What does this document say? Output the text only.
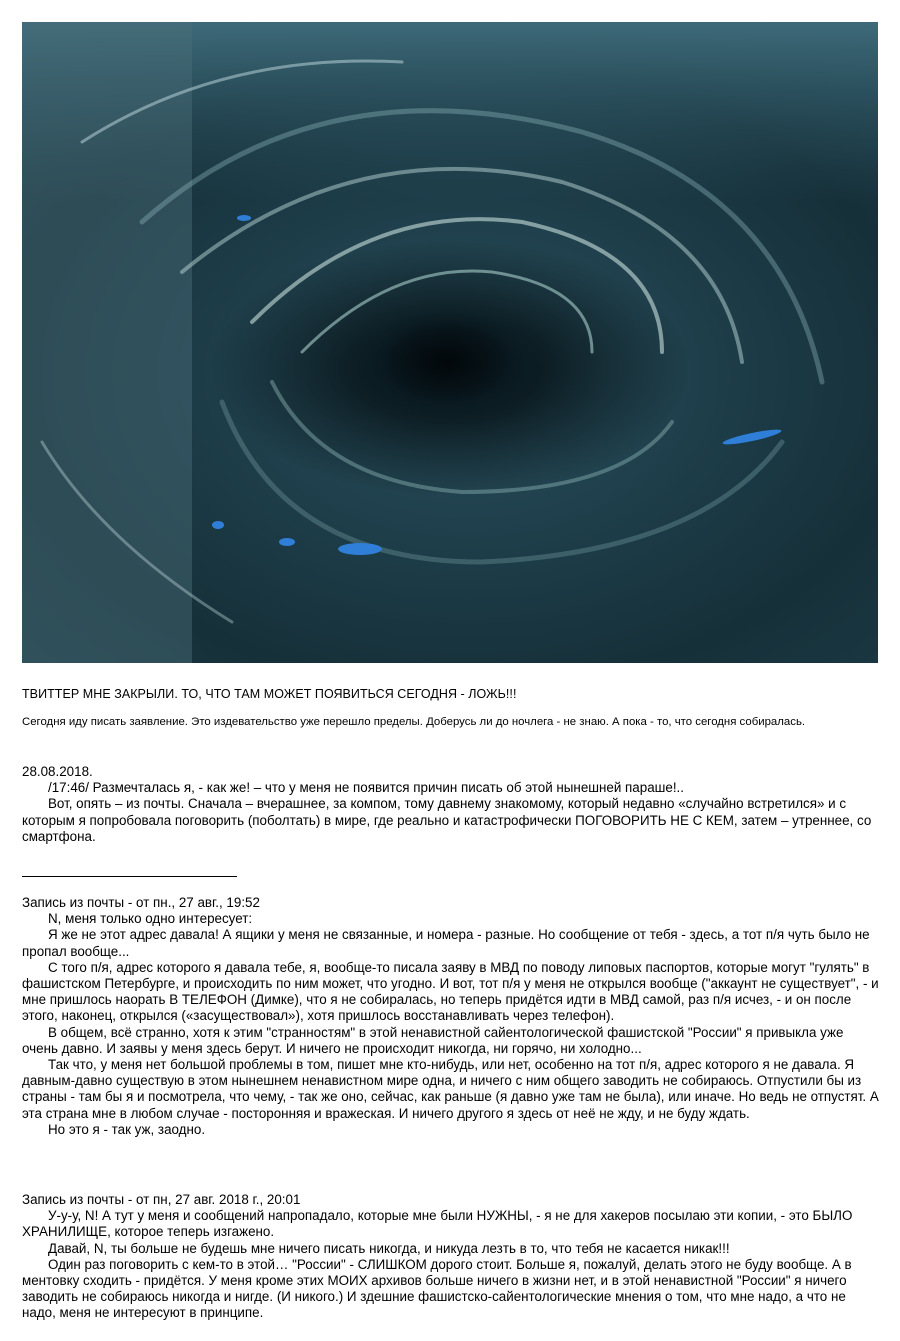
ТВИТТЕР МНЕ ЗАКРЫЛИ. ТО, ЧТО ТАМ МОЖЕТ ПОЯВИТЬСЯ СЕГОДНЯ - ЛОЖЬ!!!
Сегодня иду писать заявление. Это издевательство уже перешло пределы. Доберусь ли до ночлега - не знаю. А пока - то, что сегодня собиралась.

28.08.2018.

/17:46/ Размечталась я, - как же! – что у меня не появится причин писать об этой нынешней параше!..

Вот, опять – из почты. Сначала – вчерашнее, за компом, тому давнему знакомому, который недавно «случайно встретился» и с которым я попробовала поговорить (поболтать) в мире, где реально и катастрофически ПОГОВОРИТЬ НЕ С КЕМ, затем – утреннее, со смартфона.

Запись из почты - от пн., 27 авг., 19:52

N, меня только одно интересует:

Я же не этот адрес давала! А ящики у меня не связанные, и номера - разные. Но сообщение от тебя - здесь, а тот п/я чуть было не пропал вообще...

С того п/я, адрес которого я давала тебе, я, вообще-то писала заяву в МВД по поводу липовых паспортов, которые могут "гулять" в фашистском Петербурге, и происходить по ним может, что угодно. И вот, тот п/я у меня не открылся вообще ("аккаунт не существует", - и мне пришлось наорать В ТЕЛЕФОН (Димке), что я не собиралась, но теперь придётся идти в МВД самой, раз п/я исчез, - и он после этого, наконец, открылся («засуществовал»), хотя пришлось восстанавливать через телефон).

В общем, всё странно, хотя к этим "странностям" в этой ненавистной сайентологической фашистской "России" я привыкла уже очень давно. И заявы у меня здесь берут. И ничего не происходит никогда, ни горячо, ни холодно...

Так что, у меня нет большой проблемы в том, пишет мне кто-нибудь, или нет, особенно на тот п/я, адрес которого я не давала. Я давным-давно существую в этом нынешнем ненавистном мире одна, и ничего с ним общего заводить не собираюсь. Отпустили бы из страны - там бы я и посмотрела, что чему, - так же оно, сейчас, как раньше (я давно уже там не была), или иначе. Но ведь не отпустят. А эта страна мне в любом случае - посторонняя и вражеская. И ничего другого я здесь от неё не жду, и не буду ждать.

Но это я - так уж, заодно.

Запись из почты - от пн, 27 авг. 2018 г., 20:01

У-у-у, N! А тут у меня и сообщений напропадало, которые мне были НУЖНЫ, - я не для хакеров посылаю эти копии, - это БЫЛО ХРАНИЛИЩЕ, которое теперь изгажено.

Давай, N, ты больше не будешь мне ничего писать никогда, и никуда лезть в то, что тебя не касается никак!!!

Один раз поговорить с кем-то в этой… "России" - СЛИШКОМ дорого стоит. Больше я, пожалуй, делать этого не буду вообще. А в ментовку сходить - придётся. У меня кроме этих МОИХ архивов больше ничего в жизни нет, и в этой ненавистной "России" я ничего заводить не собираюсь никогда и нигде. (И никого.) И здешние фашистско-сайентологические мнения о том, что мне надо, а что не надо, меня не интересуют в принципе.
